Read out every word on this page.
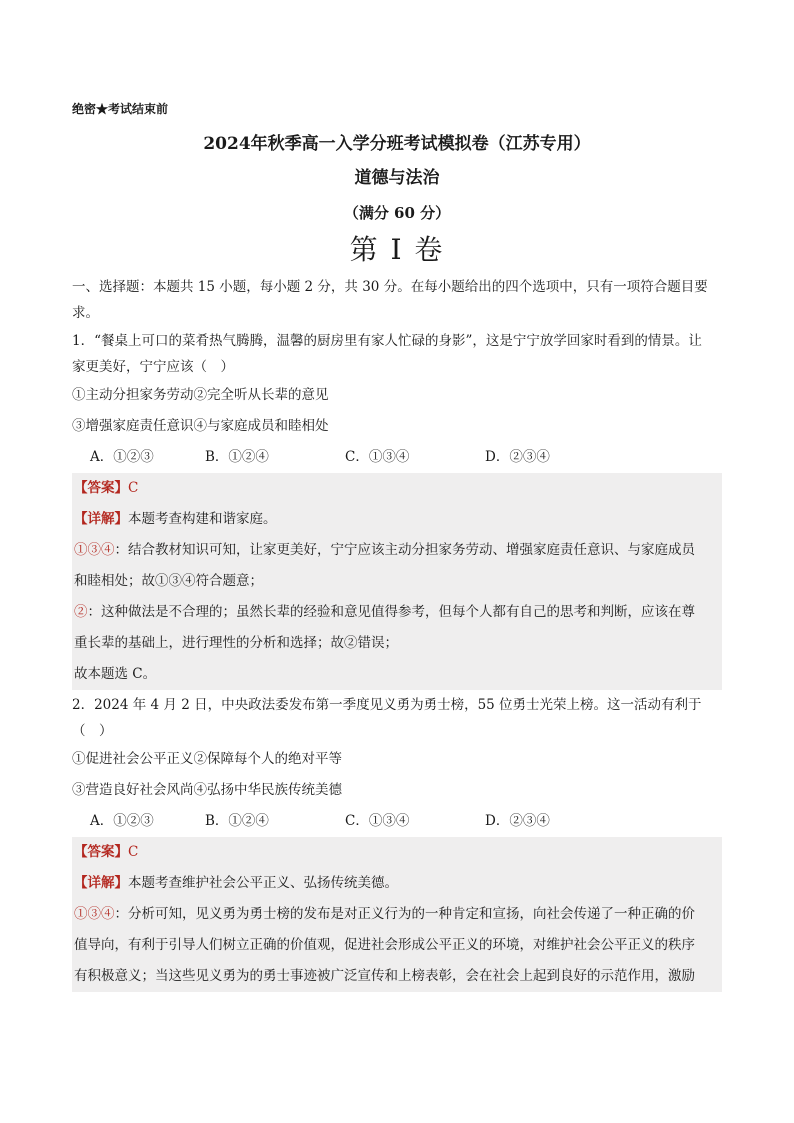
绝密★考试结束前

2024年秋季高一入学分班考试模拟卷（江苏专用）

道德与法治

（满分 60 分）

第 I 卷

一、选择题：本题共 15 小题，每小题 2 分，共 30 分。在每小题给出的四个选项中，只有一项符合题目要
求。

1．“餐桌上可口的菜肴热气腾腾，温馨的厨房里有家人忙碌的身影”，这是宁宁放学回家时看到的情景。让
家更美好，宁宁应该（　）

①主动分担家务劳动②完全听从长辈的意见

③增强家庭责任意识④与家庭成员和睦相处

A．①②③	B．①②④	C．①③④	D．②③④

【答案】C

【详解】本题考查构建和谐家庭。

①③④：结合教材知识可知，让家更美好，宁宁应该主动分担家务劳动、增强家庭责任意识、与家庭成员
和睦相处；故①③④符合题意；

②：这种做法是不合理的；虽然长辈的经验和意见值得参考，但每个人都有自己的思考和判断，应该在尊
重长辈的基础上，进行理性的分析和选择；故②错误；

故本题选 C。

2．2024 年 4 月 2 日，中央政法委发布第一季度见义勇为勇士榜，55 位勇士光荣上榜。这一活动有利于
（　）

①促进社会公平正义②保障每个人的绝对平等

③营造良好社会风尚④弘扬中华民族传统美德

A．①②③	B．①②④	C．①③④	D．②③④

【答案】C

【详解】本题考查维护社会公平正义、弘扬传统美德。

①③④：分析可知，见义勇为勇士榜的发布是对正义行为的一种肯定和宣扬，向社会传递了一种正确的价
值导向，有利于引导人们树立正确的价值观，促进社会形成公平正义的环境，对维护社会公平正义的秩序
有积极意义；当这些见义勇为的勇士事迹被广泛宣传和上榜表彰，会在社会上起到良好的示范作用，激励
